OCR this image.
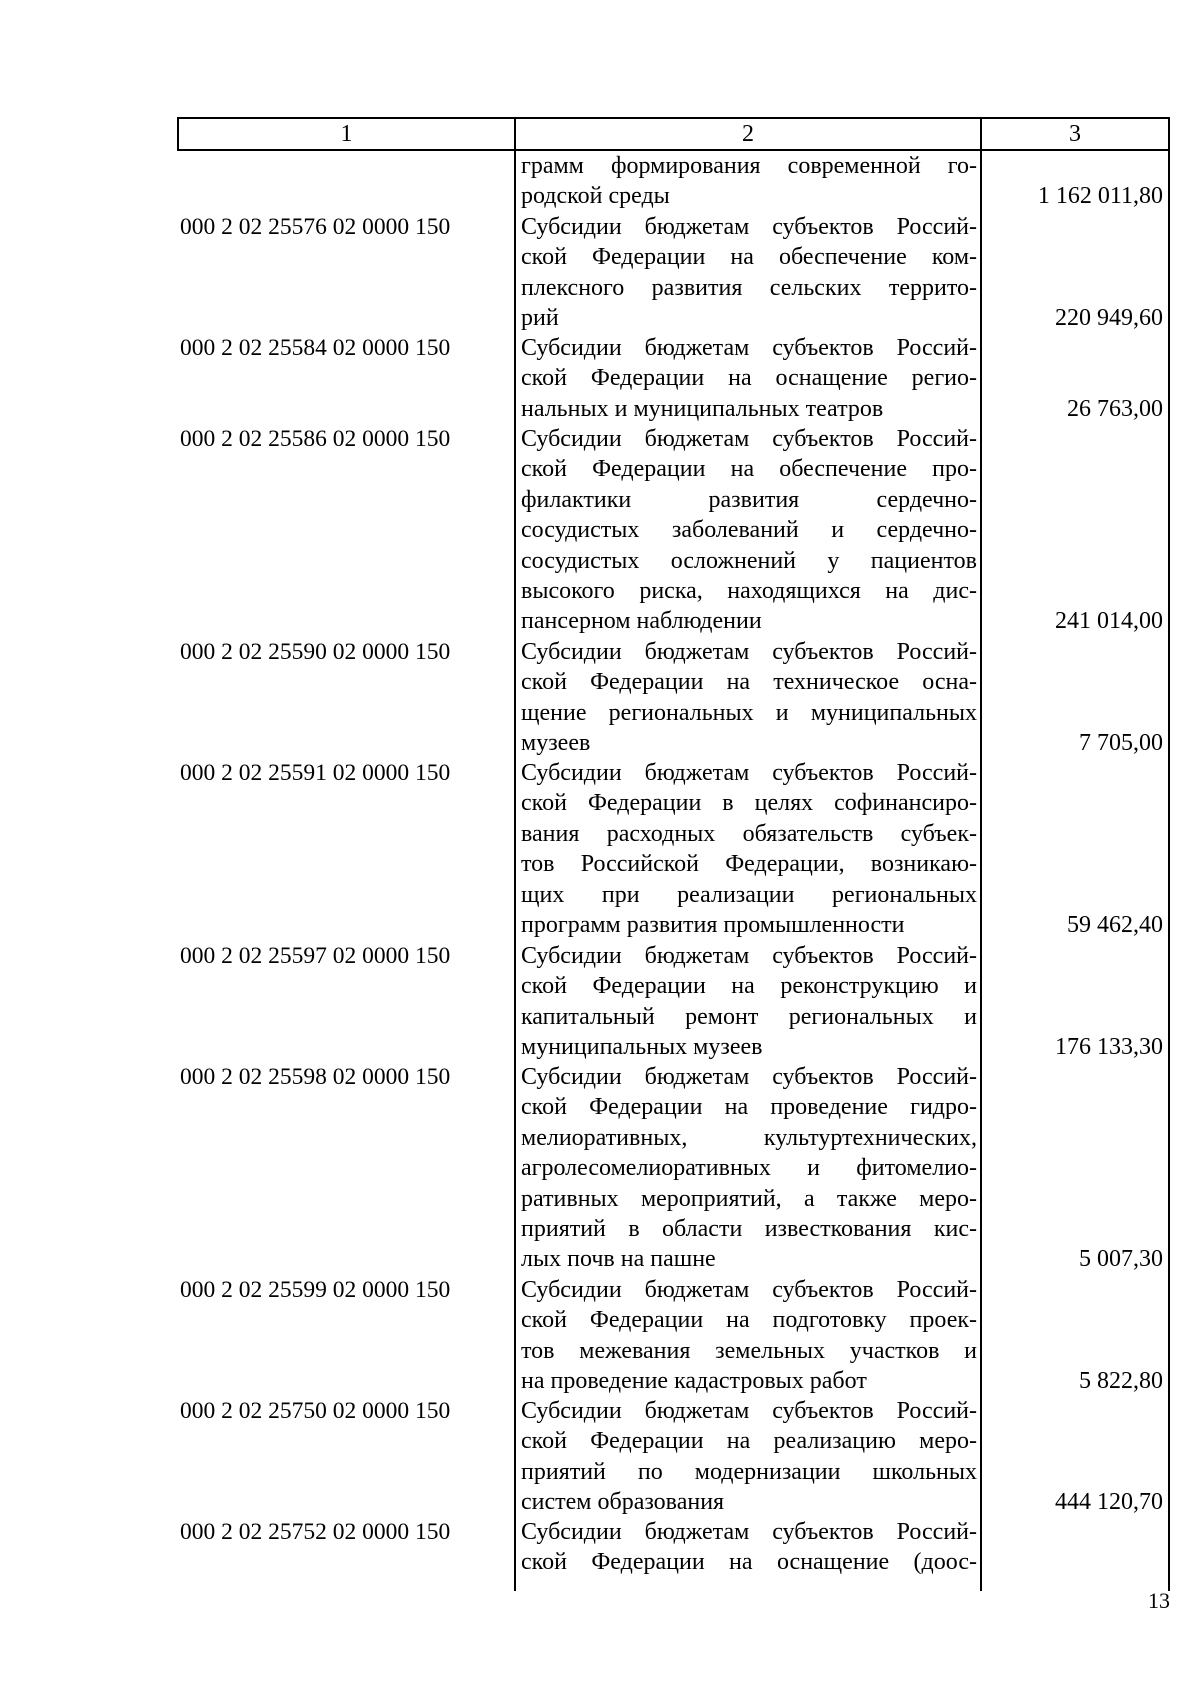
1	2	3
грамм формирования современной го-
родской среды	1 162 011,80
000 2 02 25576 02 0000 150	Субсидии бюджетам субъектов Россий-
ской Федерации на обеспечение ком-
плексного развития сельских террито-
рий	220 949,60
000 2 02 25584 02 0000 150	Субсидии бюджетам субъектов Россий-
ской Федерации на оснащение регио-
нальных и муниципальных театров	26 763,00
000 2 02 25586 02 0000 150	Субсидии бюджетам субъектов Россий-
ской Федерации на обеспечение про-
филактики развития сердечно-
сосудистых заболеваний и сердечно-
сосудистых осложнений у пациентов
высокого риска, находящихся на дис-
пансерном наблюдении	241 014,00
000 2 02 25590 02 0000 150	Субсидии бюджетам субъектов Россий-
ской Федерации на техническое осна-
щение региональных и муниципальных
музеев	7 705,00
000 2 02 25591 02 0000 150	Субсидии бюджетам субъектов Россий-
ской Федерации в целях софинансиро-
вания расходных обязательств субъек-
тов Российской Федерации, возникаю-
щих при реализации региональных
программ развития промышленности	59 462,40
000 2 02 25597 02 0000 150	Субсидии бюджетам субъектов Россий-
ской Федерации на реконструкцию и
капитальный ремонт региональных и
муниципальных музеев	176 133,30
000 2 02 25598 02 0000 150	Субсидии бюджетам субъектов Россий-
ской Федерации на проведение гидро-
мелиоративных, культуртехнических,
агролесомелиоративных и фитомелио-
ративных мероприятий, а также меро-
приятий в области известкования кис-
лых почв на пашне	5 007,30
000 2 02 25599 02 0000 150	Субсидии бюджетам субъектов Россий-
ской Федерации на подготовку проек-
тов межевания земельных участков и
на проведение кадастровых работ	5 822,80
000 2 02 25750 02 0000 150	Субсидии бюджетам субъектов Россий-
ской Федерации на реализацию меро-
приятий по модернизации школьных
систем образования	444 120,70
000 2 02 25752 02 0000 150	Субсидии бюджетам субъектов Россий-
ской Федерации на оснащение (доос-
13
